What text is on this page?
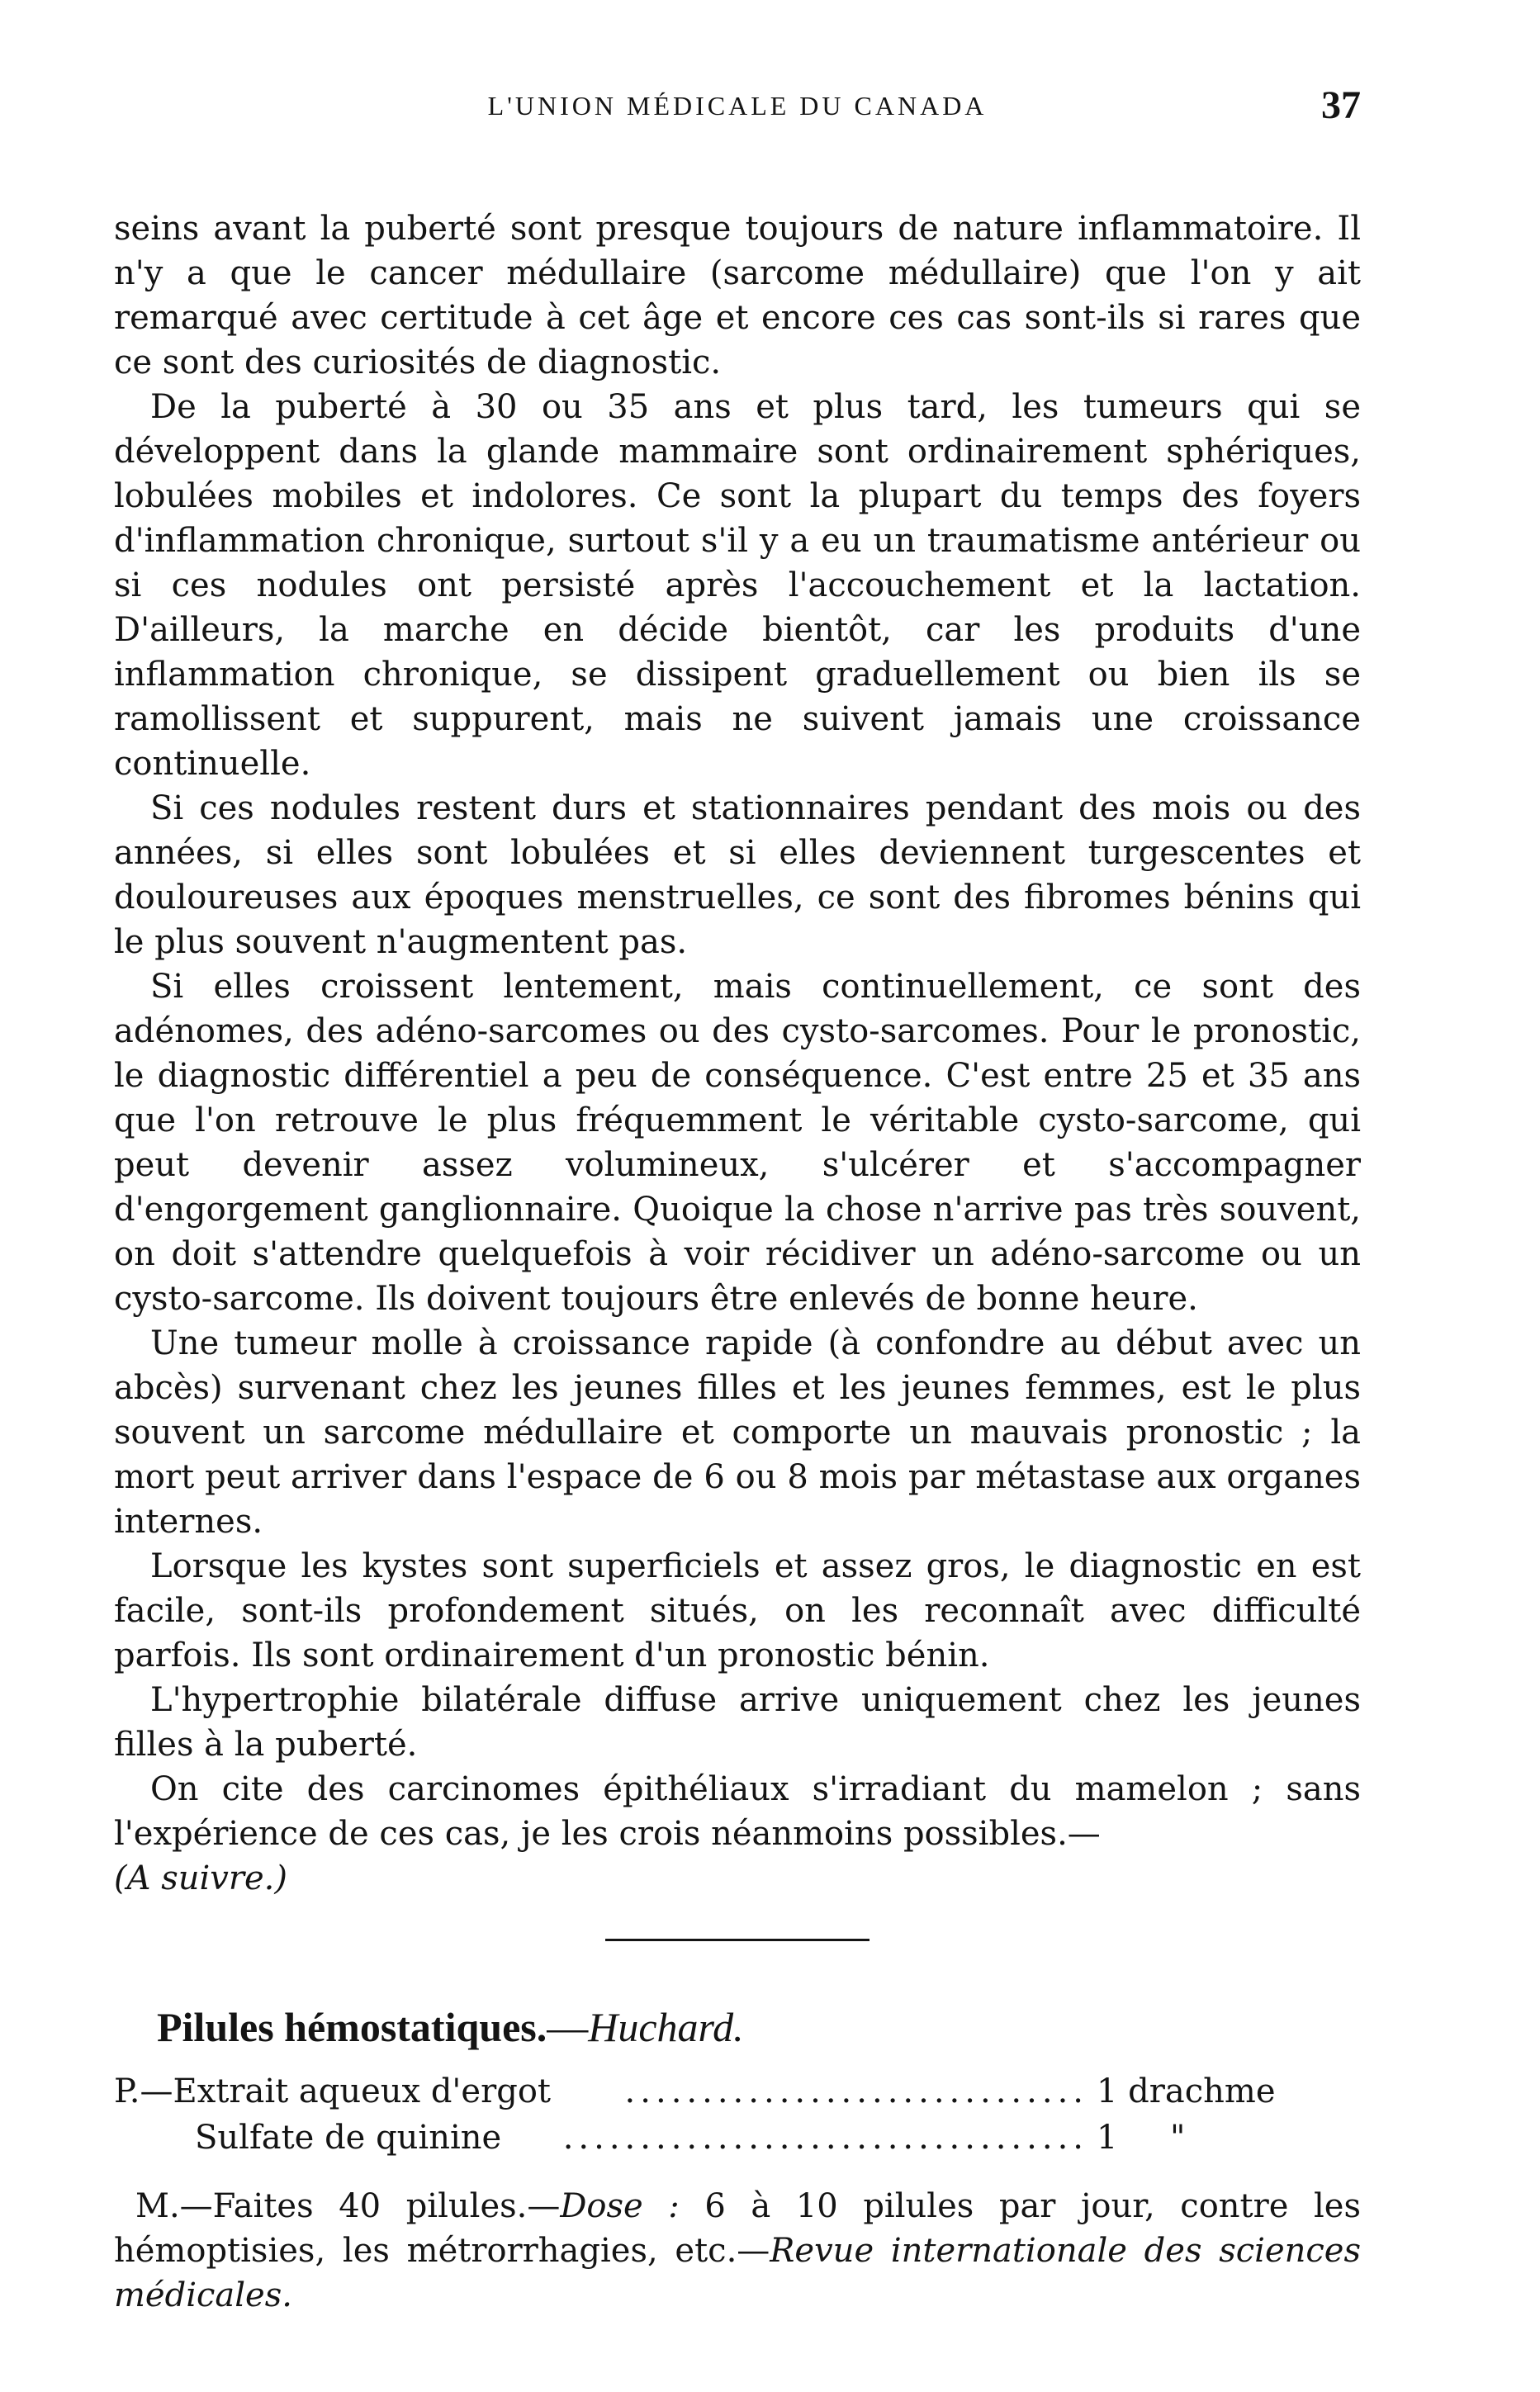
L'UNION MÉDICALE DU CANADA	37

seins avant la puberté sont presque toujours de nature inflammatoire. Il n'y a que le cancer médullaire (sarcome médullaire) que l'on y ait remarqué avec certitude à cet âge et encore ces cas sont-ils si rares que ce sont des curiosités de diagnostic.

De la puberté à 30 ou 35 ans et plus tard, les tumeurs qui se développent dans la glande mammaire sont ordinairement sphériques, lobulées mobiles et indolores. Ce sont la plupart du temps des foyers d'inflammation chronique, surtout s'il y a eu un traumatisme antérieur ou si ces nodules ont persisté après l'accouchement et la lactation. D'ailleurs, la marche en décide bientôt, car les produits d'une inflammation chronique, se dissipent graduellement ou bien ils se ramollissent et suppurent, mais ne suivent jamais une croissance continuelle.

Si ces nodules restent durs et stationnaires pendant des mois ou des années, si elles sont lobulées et si elles deviennent turgescentes et douloureuses aux époques menstruelles, ce sont des fibromes bénins qui le plus souvent n'augmentent pas.

Si elles croissent lentement, mais continuellement, ce sont des adénomes, des adéno-sarcomes ou des cysto-sarcomes. Pour le pronostic, le diagnostic différentiel a peu de conséquence. C'est entre 25 et 35 ans que l'on retrouve le plus fréquemment le véritable cysto-sarcome, qui peut devenir assez volumineux, s'ulcérer et s'accompagner d'engorgement ganglionnaire. Quoique la chose n'arrive pas très souvent, on doit s'attendre quelquefois à voir récidiver un adéno-sarcome ou un cysto-sarcome. Ils doivent toujours être enlevés de bonne heure.

Une tumeur molle à croissance rapide (à confondre au début avec un abcès) survenant chez les jeunes filles et les jeunes femmes, est le plus souvent un sarcome médullaire et comporte un mauvais pronostic ; la mort peut arriver dans l'espace de 6 ou 8 mois par métastase aux organes internes.

Lorsque les kystes sont superficiels et assez gros, le diagnostic en est facile, sont-ils profondement situés, on les reconnaît avec difficulté parfois. Ils sont ordinairement d'un pronostic bénin.

L'hypertrophie bilatérale diffuse arrive uniquement chez les jeunes filles à la puberté.

On cite des carcinomes épithéliaux s'irradiant du mamelon ; sans l'expérience de ces cas, je les crois néanmoins possibles.—

(A suivre.)
Pilules hémostatiques.—Huchard.
P.—Extrait aqueux d'ergot .............................. 1 drachme
Sulfate de quinine .................................. 1     "
M.—Faites 40 pilules.—Dose : 6 à 10 pilules par jour, contre les hémoptisies, les métrorrhagies, etc.—Revue internationale des sciences médicales.
